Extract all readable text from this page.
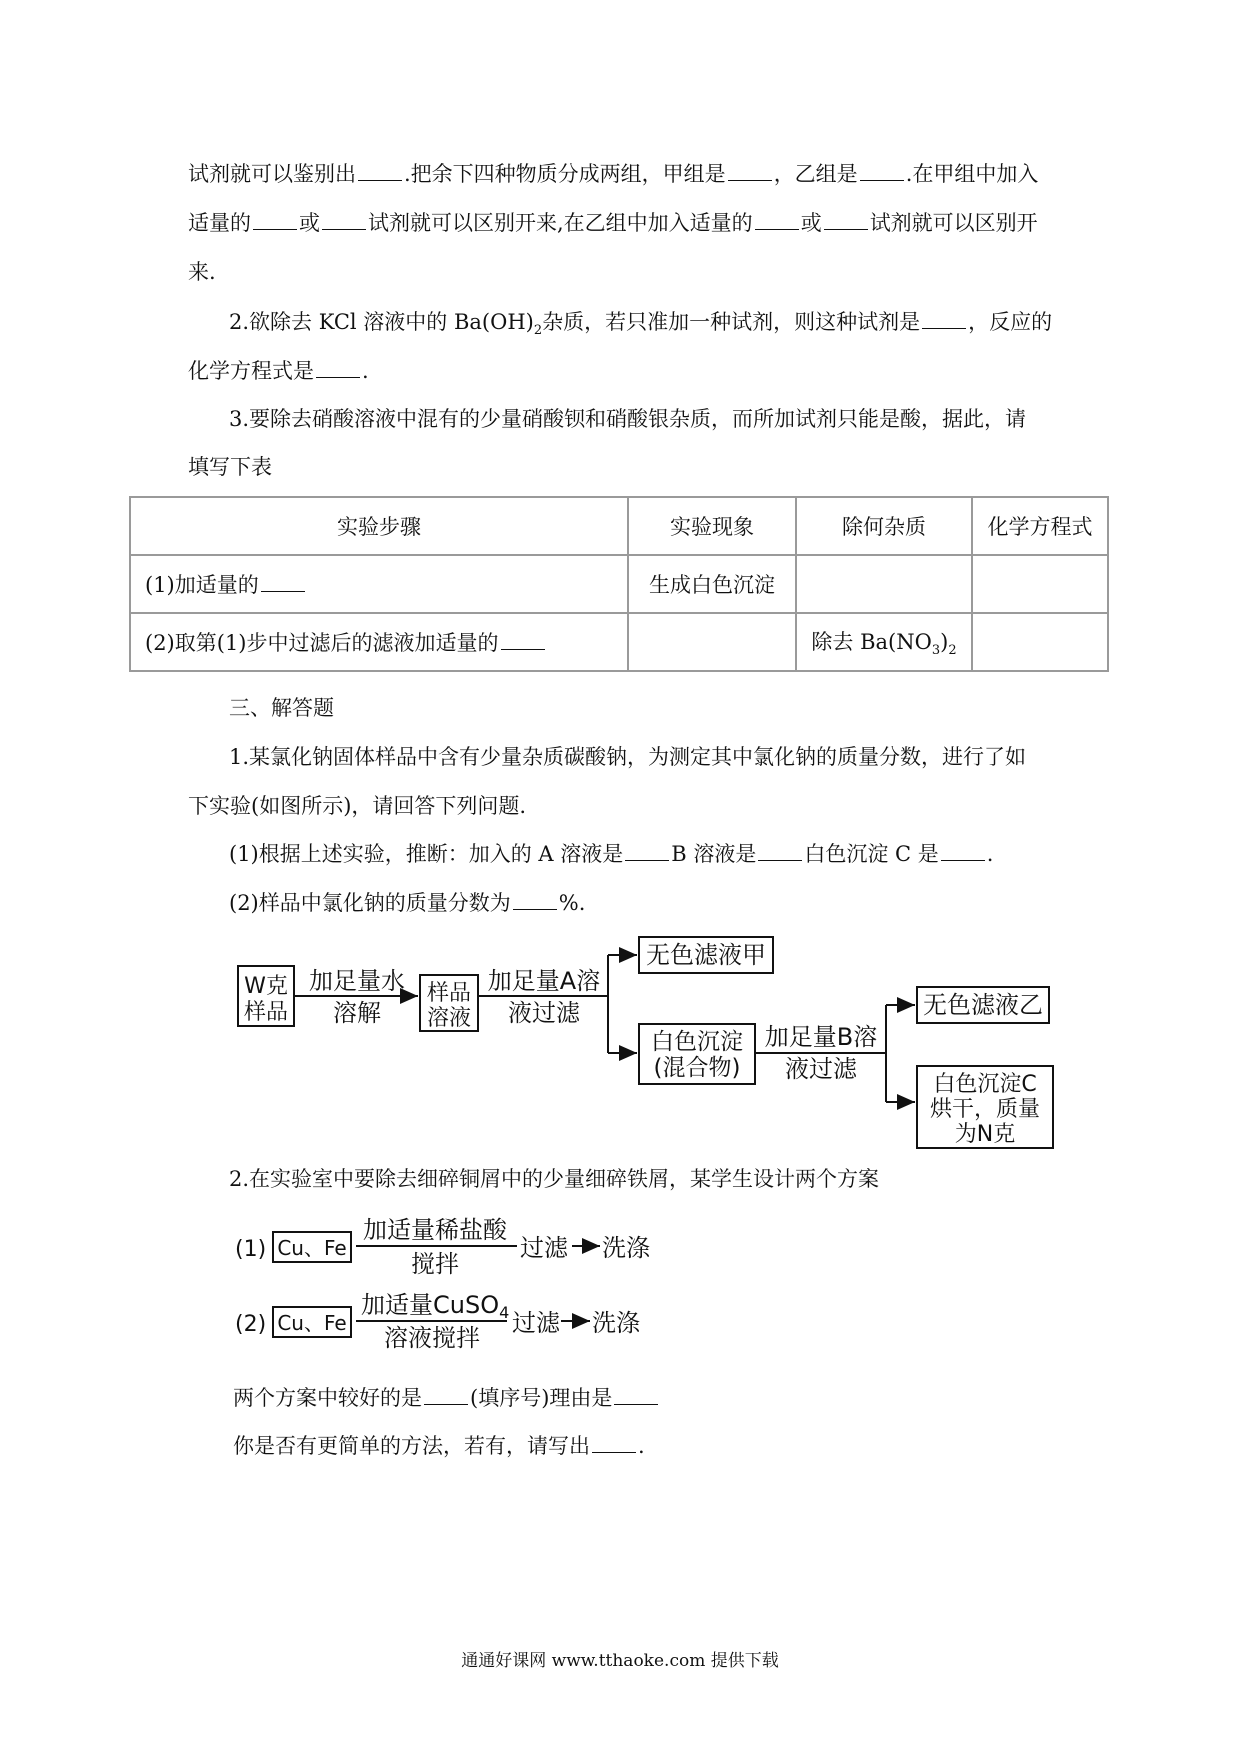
试剂就可以鉴别出 .把余下四种物质分成两组，甲组是 ，乙组是 .在甲组中加入
适量的 或 试剂就可以区别开来,在乙组中加入适量的 或 试剂就可以区别开
来.
2.欲除去 KCl 溶液中的 $Ba(OH)_2$杂质，若只准加一种试剂，则这种试剂是 ，反应的
化学方程式是 .
3.要除去硝酸溶液中混有的少量硝酸钡和硝酸银杂质，而所加试剂只能是酸，据此，请
填写下表
实验步骤	实验现象	除何杂质	化学方程式
(1)加适量的	生成白色沉淀		
(2)取第(1)步中过滤后的滤液加适量的		除去 $Ba(NO_3)_2$	
三、解答题
1.某氯化钠固体样品中含有少量杂质碳酸钠，为测定其中氯化钠的质量分数，进行了如
下实验(如图所示)，请回答下列问题.
(1)根据上述实验，推断：加入的 A 溶液是 B 溶液是 白色沉淀 C 是 .
(2)样品中氯化钠的质量分数为 %.
W克
样品
加足量水
溶解
样品
溶液
加足量A溶
液过滤
无色滤液甲
白色沉淀
(混合物)
加足量B溶
液过滤
无色滤液乙
白色沉淀C
烘干，质量
为N克
2.在实验室中要除去细碎铜屑中的少量细碎铁屑，某学生设计两个方案
(1) Cu、Fe
加适量稀盐酸
搅拌
过滤 洗涤
(2) Cu、Fe
加适量CuSO$_4$
溶液搅拌
过滤 洗涤
两个方案中较好的是 (填序号)理由是
你是否有更简单的方法，若有，请写出 .
通通好课网 www.tthaoke.com 提供下载
